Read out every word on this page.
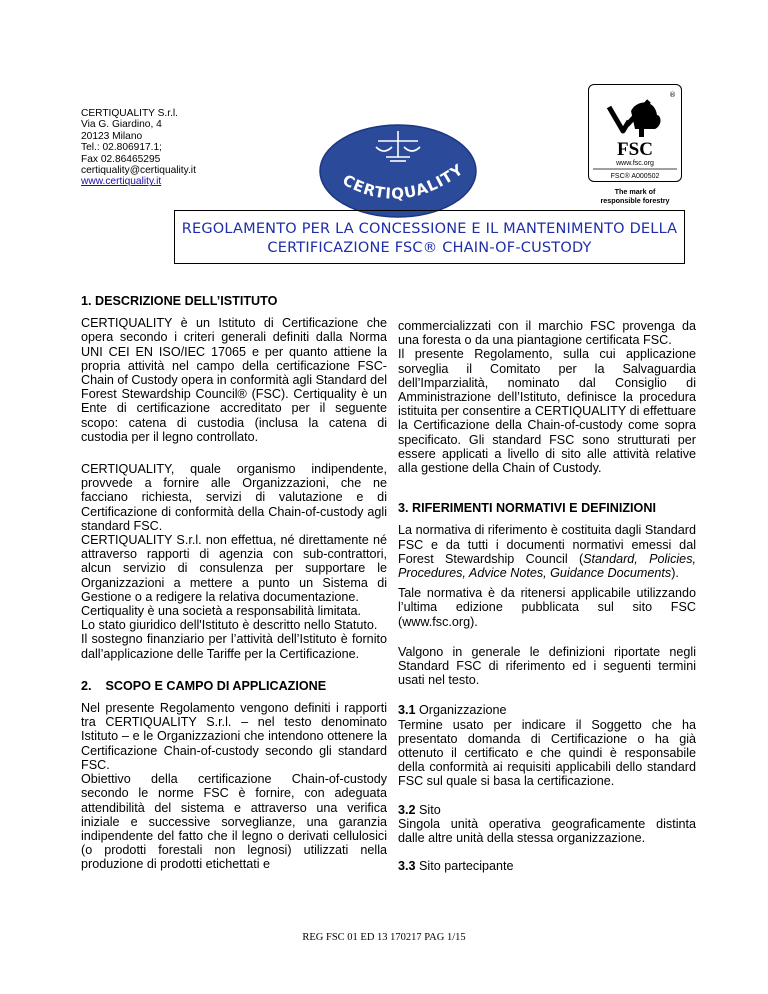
CERTIQUALITY S.r.l.
Via G. Giardino, 4
20123 Milano
Tel.: 02.806917.1;
Fax 02.86465295
certiquality@certiquality.it
www.certiquality.it	CERTIQUALITY
®
FSC
www.fsc.org
FSC® A000502
The mark of
responsible forestry
REGOLAMENTO PER LA CONCESSIONE E IL MANTENIMENTO DELLA
CERTIFICAZIONE FSC® CHAIN-OF-CUSTODY

1. DESCRIZIONE DELL’ISTITUTO

CERTIQUALITY è un Istituto di Certificazione che opera secondo i criteri generali definiti dalla Norma UNI CEI EN ISO/IEC 17065 e per quanto attiene la propria attività nel campo della certificazione FSC-Chain of Custody opera in conformità agli Standard del Forest Stewardship Council® (FSC). Certiquality è un Ente di certificazione accreditato per il seguente scopo: catena di custodia (inclusa la catena di custodia per il legno controllato.

CERTIQUALITY, quale organismo indipendente, provvede a fornire alle Organizzazioni, che ne facciano richiesta, servizi di valutazione e di Certificazione di conformità della Chain-of-custody agli standard FSC.

CERTIQUALITY S.r.l. non effettua, né direttamente né attraverso rapporti di agenzia con sub-contrattori, alcun servizio di consulenza per supportare le Organizzazioni a mettere a punto un Sistema di Gestione o a redigere la relativa documentazione.

Certiquality è una società a responsabilità limitata.

Lo stato giuridico dell'Istituto è descritto nello Statuto.

Il sostegno finanziario per l’attività dell’Istituto è fornito dall’applicazione delle Tariffe per la Certificazione.

2.    SCOPO E CAMPO DI APPLICAZIONE

Nel presente Regolamento vengono definiti i rapporti tra CERTIQUALITY S.r.l. – nel testo denominato Istituto – e le Organizzazioni che intendono ottenere la Certificazione Chain-of-custody secondo gli standard FSC.

Obiettivo della certificazione Chain-of-custody secondo le norme FSC è fornire, con adeguata attendibilità del sistema e attraverso una verifica iniziale e successive sorveglianze, una garanzia indipendente del fatto che il legno o derivati cellulosici (o prodotti forestali non legnosi) utilizzati nella produzione di prodotti etichettati e

commercializzati con il marchio FSC provenga da una foresta o da una piantagione certificata FSC.

Il presente Regolamento, sulla cui applicazione sorveglia il Comitato per la Salvaguardia dell’Imparzialità, nominato dal Consiglio di Amministrazione dell’Istituto, definisce la procedura istituita per consentire a CERTIQUALITY di effettuare la Certificazione della Chain-of-custody come sopra specificato. Gli standard FSC sono strutturati per essere applicati a livello di sito alle attività relative alla gestione della Chain of Custody.

3. RIFERIMENTI NORMATIVI E DEFINIZIONI

La normativa di riferimento è costituita dagli Standard FSC e da tutti i documenti normativi emessi dal Forest Stewardship Council (Standard, Policies, Procedures, Advice Notes, Guidance Documents).

Tale normativa è da ritenersi applicabile utilizzando l’ultima edizione pubblicata sul sito FSC (www.fsc.org).

Valgono in generale le definizioni riportate negli Standard FSC di riferimento ed i seguenti termini usati nel testo.

3.1 Organizzazione

Termine usato per indicare il Soggetto che ha presentato domanda di Certificazione o ha già ottenuto il certificato e che quindi è responsabile della conformità ai requisiti applicabili dello standard FSC sul quale si basa la certificazione.

3.2 Sito

Singola unità operativa geograficamente distinta dalle altre unità della stessa organizzazione.

3.3 Sito partecipante

REG FSC 01 ED 13 170217 PAG 1/15
